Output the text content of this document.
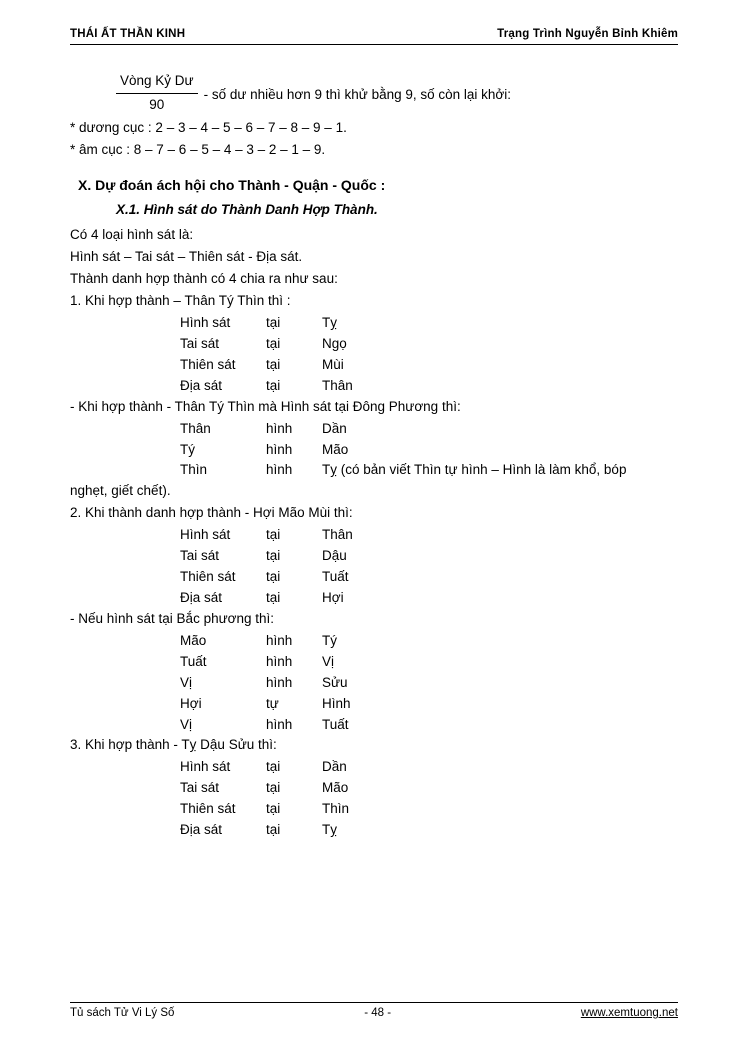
THÁI ẤT THẦN KINH	Trạng Trình Nguyễn Bỉnh Khiêm
$\frac{\text{Vòng Kỷ Dư}}{90}$ - số dư nhiều hơn 9 thì khử bằng 9, số còn lại khởi:

* dương cục : 2 – 3 – 4 – 5 – 6 – 7 – 8 – 9 – 1.

* âm cục : 8 – 7 – 6 – 5 – 4 – 3 – 2 – 1 – 9.

X. Dự đoán ách hội cho Thành - Quận - Quốc :
X.1. Hình sát do Thành Danh Hợp Thành.

Có 4 loại hình sát là:

Hình sát – Tai sát – Thiên sát - Địa sát.

Thành danh hợp thành có 4 chia ra như sau:

1. Khi hợp thành – Thân Tý Thìn thì :

Hình sát	tại	Tỵ
Tai sát	tại	Ngọ
Thiên sát	tại	Mùi
Địa sát	tại	Thân

- Khi hợp thành - Thân Tý Thìn mà Hình sát tại Đông Phương thì:

Thân	hình	Dần
Tý	hình	Mão
Thìn	hình	Tỵ (có bản viết Thìn tự hình – Hình là làm khổ, bóp

nghẹt, giết chết).

2. Khi thành danh hợp thành - Hợi Mão Mùi thì:

Hình sát	tại	Thân
Tai sát	tại	Dậu
Thiên sát	tại	Tuất
Địa sát	tại	Hợi

- Nếu hình sát tại Bắc phương thì:

Mão	hình	Tý
Tuất	hình	Vị
Vị	hình	Sửu
Hợi	tự	Hình
Vị	hình	Tuất

3. Khi hợp thành - Tỵ Dậu Sửu thì:

Hình sát	tại	Dần
Tai sát	tại	Mão
Thiên sát	tại	Thìn
Địa sát	tại	Tỵ
Tủ sách Tử Vi Lý Số	- 48 -	www.xemtuong.net
